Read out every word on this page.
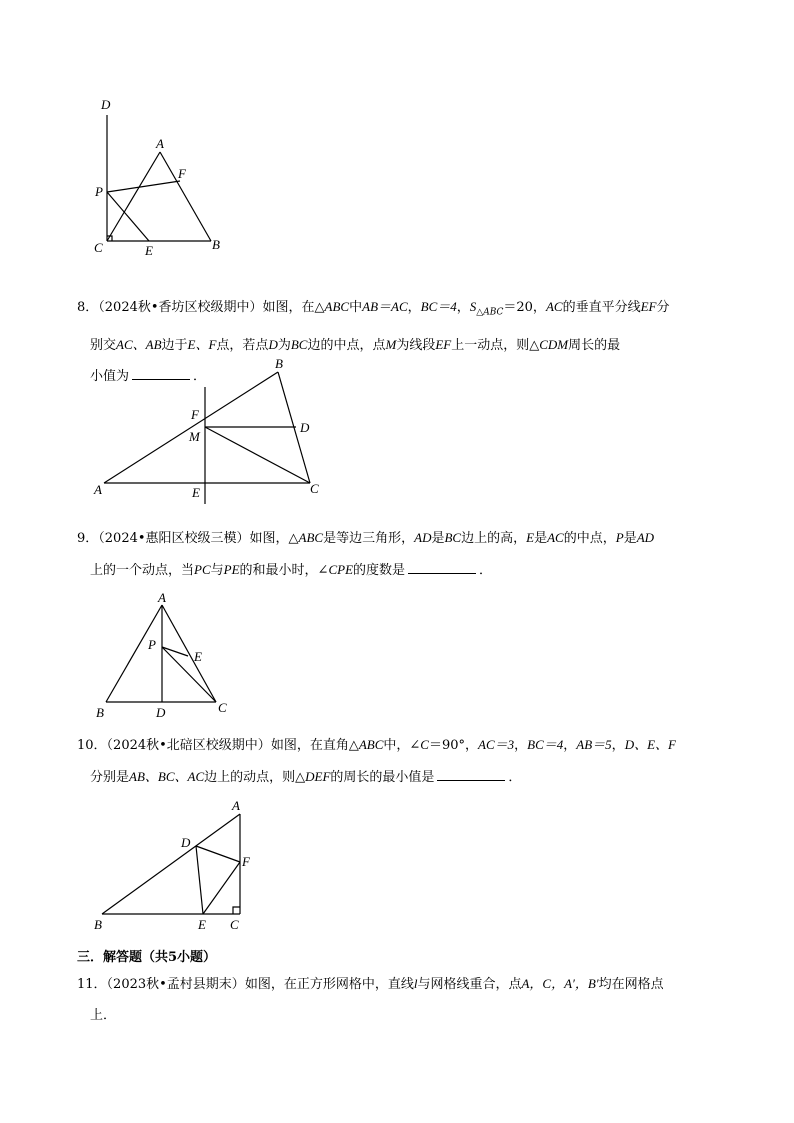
D
A
F
P
C	E	B
8．（2024秋•香坊区校级期中）如图，在△ABC中AB＝AC，BC＝4，$S_{\triangle ABC}=20$，AC的垂直平分线EF分
别交AC、AB边于E、F点，若点D为BC边的中点，点M为线段EF上一动点，则△CDM周长的最
小值为	．
B
F
M
D
A	E	C
9．（2024•惠阳区校级三模）如图，△ABC是等边三角形，AD是BC边上的高，E是AC的中点，P是AD
上的一个动点，当PC与PE的和最小时，∠CPE的度数是	．
A
P
E
B	D	C
10．（2024秋•北碚区校级期中）如图，在直角△ABC中，∠C＝90°，AC＝3，BC＝4，AB＝5，D、E、F
分别是AB、BC、AC边上的动点，则△DEF的周长的最小值是	．
A
D
F
B	E C
三．解答题（共5小题）
11．（2023秋•孟村县期末）如图，在正方形网格中，直线l与网格线重合，点A，C，A′，B′均在网格点
上．
